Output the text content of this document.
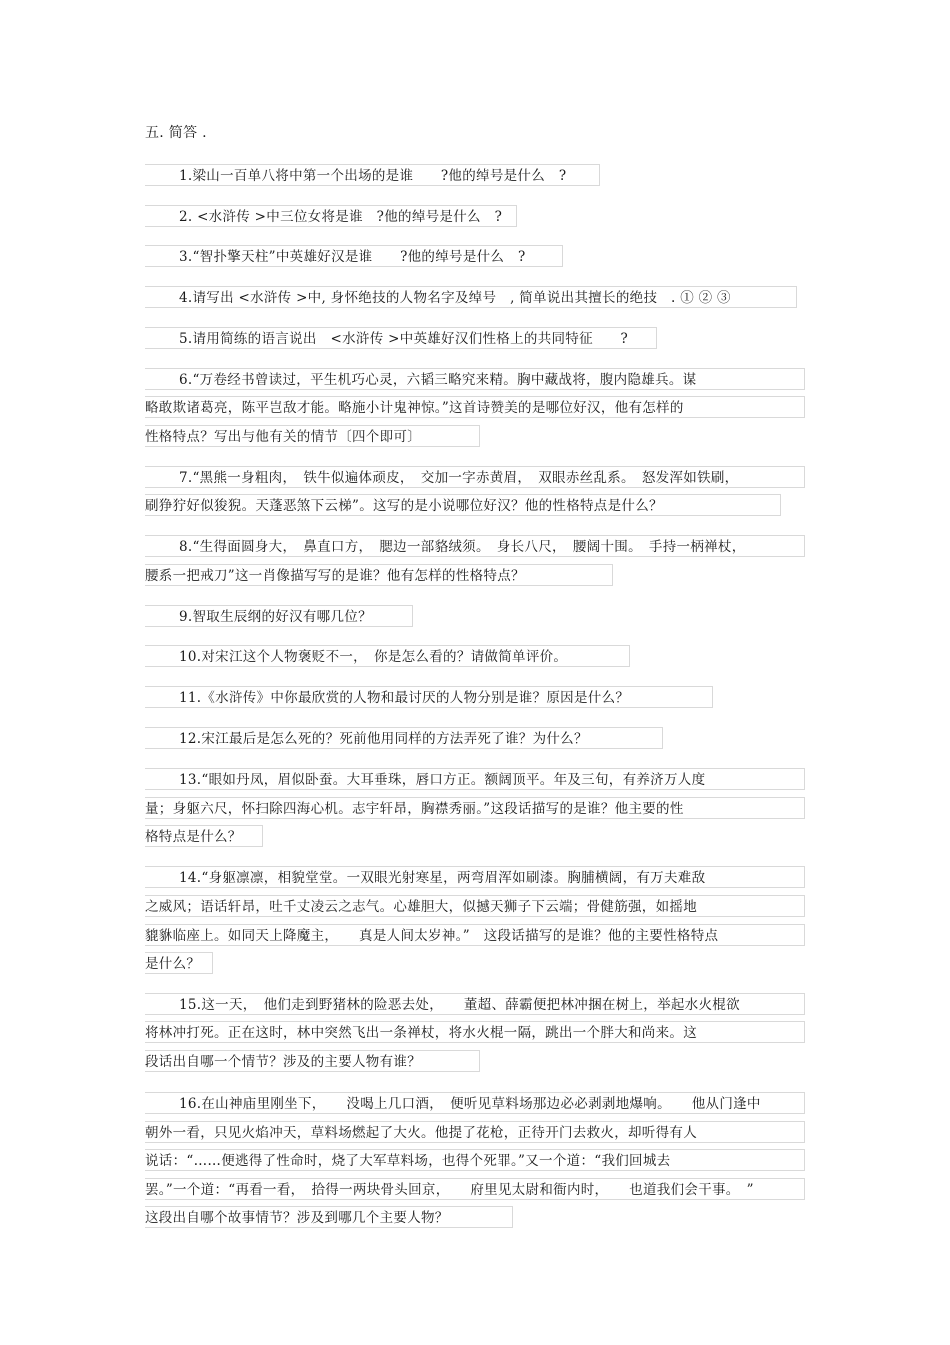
五. 简答 .
1.梁山一百单八将中第一个出场的是谁　　?他的绰号是什么　?
2. <水浒传 >中三位女将是谁　?他的绰号是什么　?
3.“智扑擎天柱”中英雄好汉是谁　　?他的绰号是什么　?
4.请写出 <水浒传 >中, 身怀绝技的人物名字及绰号　, 简单说出其擅长的绝技　. ① ② ③
5.请用简练的语言说出　<水浒传 >中英雄好汉们性格上的共同特征　　?
6.“万卷经书曾读过，平生机巧心灵，六韬三略究来精。胸中藏战将，腹内隐雄兵。谋
略敢欺诸葛亮，陈平岂敌才能。略施小计鬼神惊。”这首诗赞美的是哪位好汉，他有怎样的
性格特点？写出与他有关的情节〔四个即可〕
7.“黑熊一身粗肉，　铁牛似遍体顽皮，　交加一字赤黄眉，　双眼赤丝乱系。　怒发浑如铁刷，
刷狰狞好似狻猊。天蓬恶煞下云梯”。这写的是小说哪位好汉？他的性格特点是什么？
8.“生得面圆身大，　鼻直口方，　腮边一部貉绒须。　身长八尺，　腰阔十围。　手持一柄禅杖，
腰系一把戒刀”这一肖像描写写的是谁？他有怎样的性格特点？
9.智取生辰纲的好汉有哪几位？
10.对宋江这个人物褒贬不一，　你是怎么看的？请做简单评价。
11.《水浒传》中你最欣赏的人物和最讨厌的人物分别是谁？原因是什么？
12.宋江最后是怎么死的？死前他用同样的方法弄死了谁？为什么？
13.“眼如丹凤，眉似卧蚕。大耳垂珠，唇口方正。额阔顶平。年及三旬，有养济万人度
量；身躯六尺，怀扫除四海心机。志宇轩昂，胸襟秀丽。”这段话描写的是谁？他主要的性
格特点是什么？
14.“身躯凛凛，相貌堂堂。一双眼光射寒星，两弯眉浑如刷漆。胸脯横阔，有万夫难敌
之威风；语话轩昂，吐千丈凌云之志气。心雄胆大，似撼天狮子下云端；骨健筋强，如摇地
貔貅临座上。如同天上降魔主，　　真是人间太岁神。”　这段话描写的是谁？他的主要性格特点
是什么？
15.这一天，　他们走到野猪林的险恶去处，　　董超、薛霸便把林冲捆在树上，举起水火棍欲
将林冲打死。正在这时，林中突然飞出一条禅杖，将水火棍一隔，跳出一个胖大和尚来。这
段话出自哪一个情节？涉及的主要人物有谁？
16.在山神庙里刚坐下，　　没喝上几口酒，　便听见草料场那边必必剥剥地爆响。　　他从门逢中
朝外一看，只见火焰冲天，草料场燃起了大火。他提了花枪，正待开门去救火，却听得有人
说话：“……便逃得了性命时，烧了大军草料场，也得个死罪。”又一个道：“我们回城去
罢。”一个道：“再看一看，　拾得一两块骨头回京，　　府里见太尉和衙内时，　　也道我们会干事。　”
这段出自哪个故事情节？涉及到哪几个主要人物？
